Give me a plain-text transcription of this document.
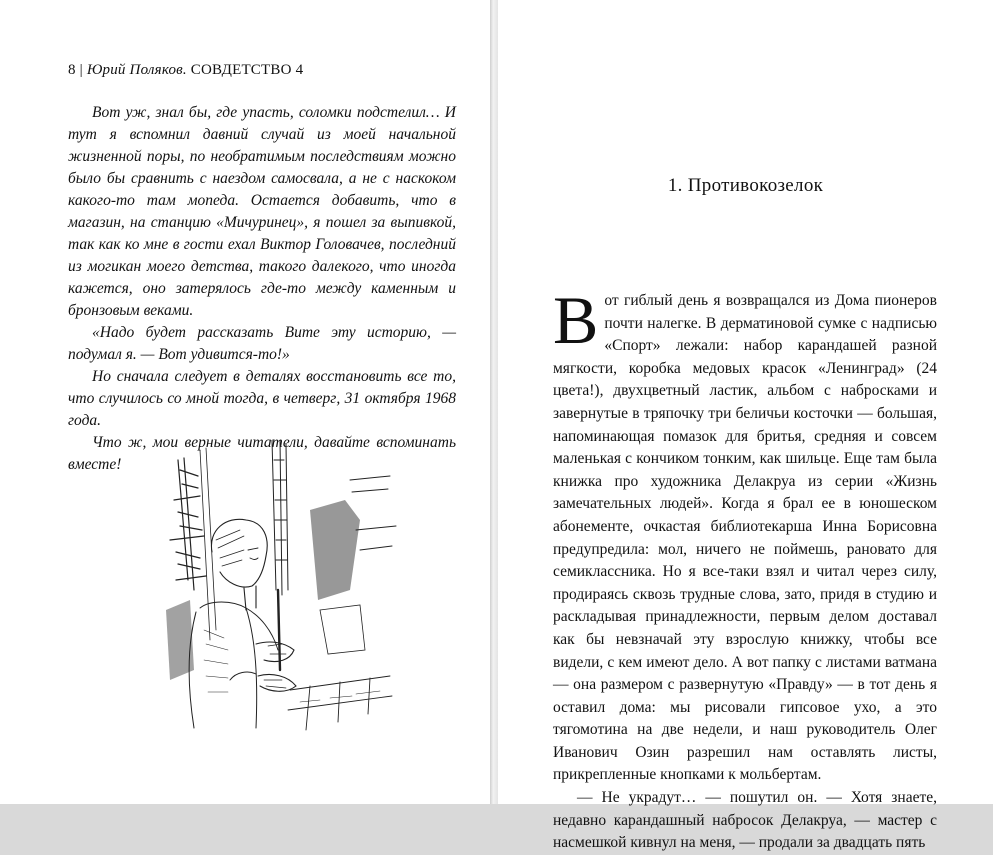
8 | Юрий Поляков. СОВДЕТСТВО 4

Вот уж, знал бы, где упасть, соломки подстелил… И тут я вспомнил давний случай из моей начальной жизненной поры, по необратимым последствиям можно было бы сравнить с наездом самосвала, а не с наскоком какого-то там мопеда. Остается добавить, что в магазин, на станцию «Мичуринец», я пошел за выпивкой, так как ко мне в гости ехал Виктор Головачев, последний из могикан моего детства, такого далекого, что иногда кажется, оно затерялось где-то между каменным и бронзовым веками.

«Надо будет рассказать Вите эту историю, — подумал я. — Вот удивится-то!»

Но сначала следует в деталях восстановить все то, что случилось со мной тогда, в четверг, 31 октября 1968 года.

Что ж, мои верные читатели, давайте вспоминать вместе!

1. Противокозелок

Вот гиблый день я возвращался из Дома пионеров почти налегке. В дерматиновой сумке с надписью «Спорт» лежали: набор карандашей разной мягкости, коробка медовых красок «Ленинград» (24 цвета!), двухцветный ластик, альбом с набросками и завернутые в тряпочку три беличьи косточки — большая, напоминающая помазок для бритья, средняя и совсем маленькая с кончиком тонким, как шильце. Еще там была книжка про художника Делакруа из серии «Жизнь замечательных людей». Когда я брал ее в юношеском абонементе, очкастая библиотекарша Инна Борисовна предупредила: мол, ничего не поймешь, рановато для семиклассника. Но я все-таки взял и читал через силу, продираясь сквозь трудные слова, зато, придя в студию и раскладывая принадлежности, первым делом доставал как бы невзначай эту взрослую книжку, чтобы все видели, с кем имеют дело. А вот папку с листами ватмана — она размером с развернутую «Правду» — в тот день я оставил дома: мы рисовали гипсовое ухо, а это тягомотина на две недели, и наш руководитель Олег Иванович Озин разрешил нам оставлять листы, прикрепленные кнопками к мольбертам.

— Не украдут… — пошутил он. — Хотя знаете, недавно карандашный набросок Делакруа, — мастер с насмешкой кивнул на меня, — продали за двадцать пять
